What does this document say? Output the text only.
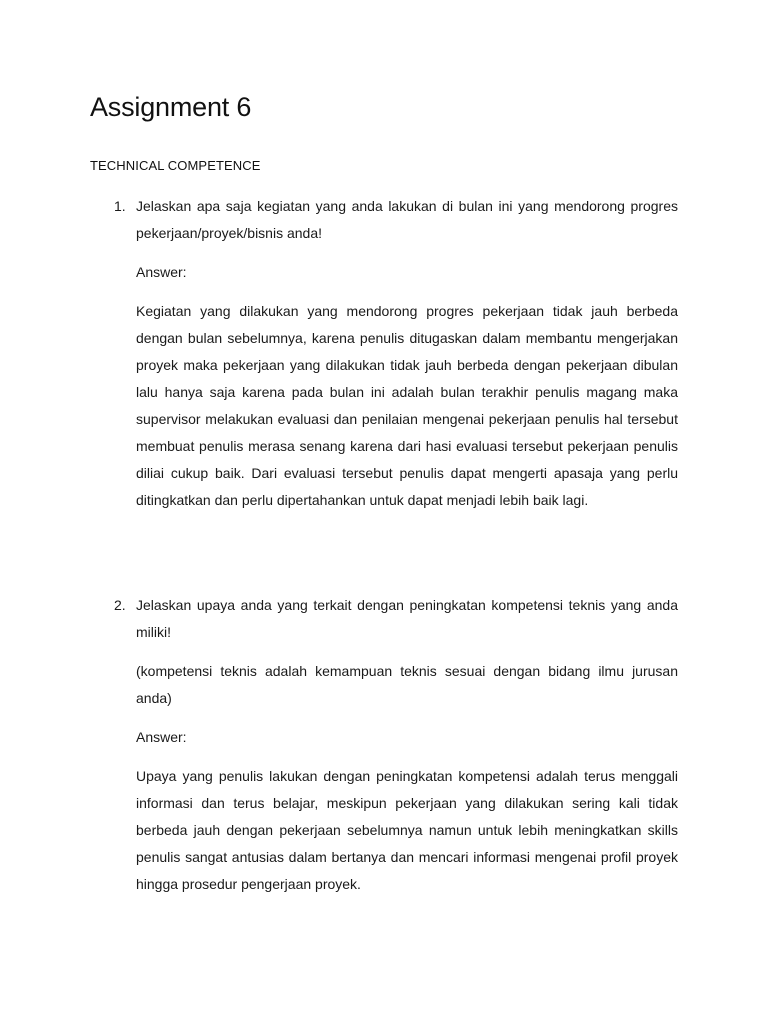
Assignment 6
TECHNICAL COMPETENCE
1. Jelaskan apa saja kegiatan yang anda lakukan di bulan ini yang mendorong progres pekerjaan/proyek/bisnis anda!

Answer:

Kegiatan yang dilakukan yang mendorong progres pekerjaan tidak jauh berbeda dengan bulan sebelumnya, karena penulis ditugaskan dalam membantu mengerjakan proyek maka pekerjaan yang dilakukan tidak jauh berbeda dengan pekerjaan dibulan lalu hanya saja karena pada bulan ini adalah bulan terakhir penulis magang maka supervisor melakukan evaluasi dan penilaian mengenai pekerjaan penulis hal tersebut membuat penulis merasa senang karena dari hasi evaluasi tersebut pekerjaan penulis diliai cukup baik. Dari evaluasi tersebut penulis dapat mengerti apasaja yang perlu ditingkatkan dan perlu dipertahankan untuk dapat menjadi lebih baik lagi.

2. Jelaskan upaya anda yang terkait dengan peningkatan kompetensi teknis yang anda miliki!

(kompetensi teknis adalah kemampuan teknis sesuai dengan bidang ilmu jurusan anda)

Answer:

Upaya yang penulis lakukan dengan peningkatan kompetensi adalah terus menggali informasi dan terus belajar, meskipun pekerjaan yang dilakukan sering kali tidak berbeda jauh dengan pekerjaan sebelumnya namun untuk lebih meningkatkan skills penulis sangat antusias dalam bertanya dan mencari informasi mengenai profil proyek hingga prosedur pengerjaan proyek.
